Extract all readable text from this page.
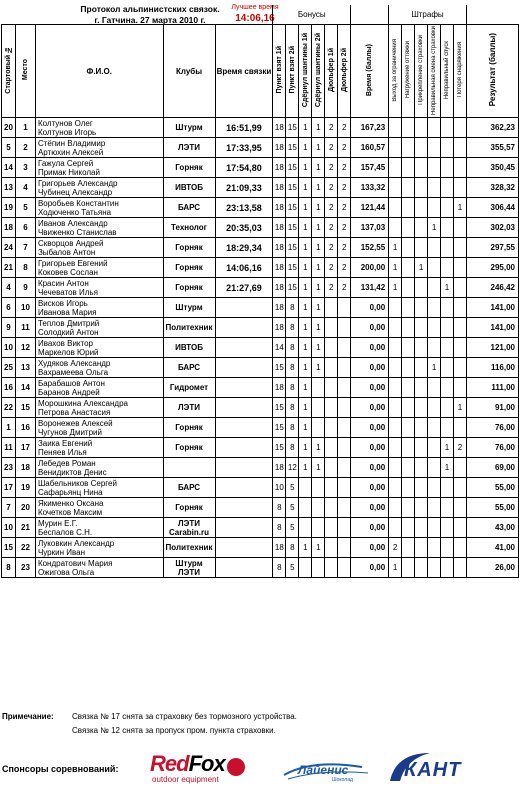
Протокол альпинистских связок.
г. Гатчина. 27 марта 2010 г.
Лучшее время
14:06,16
					Бонусы							Штрафы						
Стартовый №	Место	Ф.И.О.	Клубы	Время связки	Пункт взят 1й	Пункт взят 2й	Сдёрнул шантины 1й	Сдёрнул шантины 2й	Дюльфер 1й	Дюльфер 2й	Время (баллы)	Выход за ограничения	Нагружение оттяжки	Прикрепление страховки	Неправильная смена страховки	Неправильный спуск	Потеря снаряжения	Результат (баллы)
20	1	Колтунов Олег
Колтунов Игорь	Штурм	16:51,99	18	15	1	1	2	2	167,23							362,23
5	2	Стёпин Владимир
Артюхин Алексей	ЛЭТИ	17:33,95	18	15	1	1	2	2	160,57							355,57
14	3	Гажула Сергей
Примак Николай	Горняк	17:54,80	18	15	1	1	2	2	157,45							350,45
13	4	Григорьев Александр
Чубинец Александр	ИВТОБ	21:09,33	18	15	1	1	2	2	133,32							328,32
19	5	Воробьев Константин
Ходюченко Татьяна	БАРС	23:13,58	18	15	1	1	2	2	121,44						1	306,44
18	6	Иванов Александр
Чвиженко Станислав	Технолог	20:35,03	18	15	1	1	2	2	137,03				1			302,03
24	7	Скворцов Андрей
Зыбалов Антон	Горняк	18:29,34	18	15	1	1	2	2	152,55	1						297,55
21	8	Григорьев Евгений
Коковев Сослан	Горняк	14:06,16	18	15	1	1	2	2	200,00	1		1				295,00
4	9	Красин Антон
Чечеватов Илья	Горняк	21:27,69	18	15	1	1	2	2	131,42	1				1		246,42
6	10	Висков Игорь
Иванова Мария	Штурм		18	8	1	1			0,00							141,00
9	11	Теплов Дмитрий
Солодкий Антон	Политехник		18	8	1	1			0,00							141,00
10	12	Ивахов Виктор
Маркелов Юрий	ИВТОБ		14	8	1	1			0,00							121,00
25	13	Худяков Александр
Вахрамеева Ольга	БАРС		15	8	1	1			0,00				1			116,00
16	14	Барабашов Антон
Баранов Андрей	Гидромет		18	8	1				0,00							111,00
22	15	Морошкина Александра
Петрова Анастасия	ЛЭТИ		15	8	1				0,00						1	91,00
1	16	Воронежев Алексей
Чугунов Дмитрий	Горняк		15	8	1				0,00							76,00
11	17	Заика Евгений
Пеняев Илья	Горняк		15	8	1	1			0,00					1	2	76,00
23	18	Лебедев Роман
Венидиктов Денис			18	12	1	1			0,00					1		69,00
17	19	Шабельников Сергей
Сафарьянц Нина	БАРС		10	5					0,00							55,00
7	20	Якименко Оксана
Кочетков Максим	Горняк		8	5					0,00							55,00
10	21	Мурин Е.Г.
Беспалов С.Н.	ЛЭТИ Carabin.ru		8	5					0,00							43,00
15	22	Луковкин Александр
Чуркин Иван	Политехник		18	8	1	1			0,00	2						41,00
8	23	Кондратович Мария
Ожигова Ольга	Штурм ЛЭТИ		8	5					0,00	1						26,00
Примечание: Связка № 17 снята за страховку без тормозного устройства.
Связка № 12 снята за пропуск пром. пункта страховки.
Спонсоры соревнований: RedFox
outdoor equipment
Лайенис
Шоколад	КАНТ
